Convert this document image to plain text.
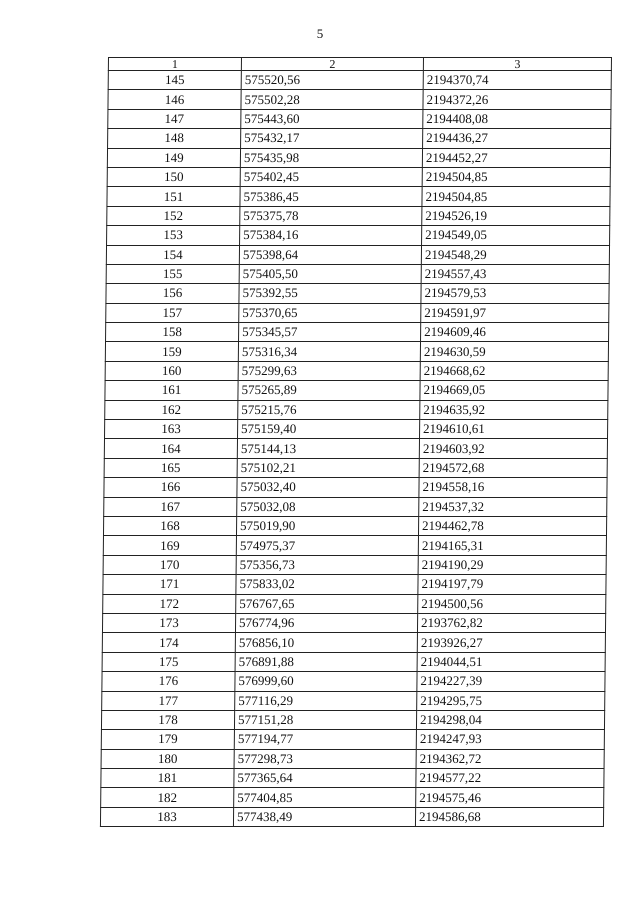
5
1	2	3
145	575520,56	2194370,74
146	575502,28	2194372,26
147	575443,60	2194408,08
148	575432,17	2194436,27
149	575435,98	2194452,27
150	575402,45	2194504,85
151	575386,45	2194504,85
152	575375,78	2194526,19
153	575384,16	2194549,05
154	575398,64	2194548,29
155	575405,50	2194557,43
156	575392,55	2194579,53
157	575370,65	2194591,97
158	575345,57	2194609,46
159	575316,34	2194630,59
160	575299,63	2194668,62
161	575265,89	2194669,05
162	575215,76	2194635,92
163	575159,40	2194610,61
164	575144,13	2194603,92
165	575102,21	2194572,68
166	575032,40	2194558,16
167	575032,08	2194537,32
168	575019,90	2194462,78
169	574975,37	2194165,31
170	575356,73	2194190,29
171	575833,02	2194197,79
172	576767,65	2194500,56
173	576774,96	2193762,82
174	576856,10	2193926,27
175	576891,88	2194044,51
176	576999,60	2194227,39
177	577116,29	2194295,75
178	577151,28	2194298,04
179	577194,77	2194247,93
180	577298,73	2194362,72
181	577365,64	2194577,22
182	577404,85	2194575,46
183	577438,49	2194586,68
